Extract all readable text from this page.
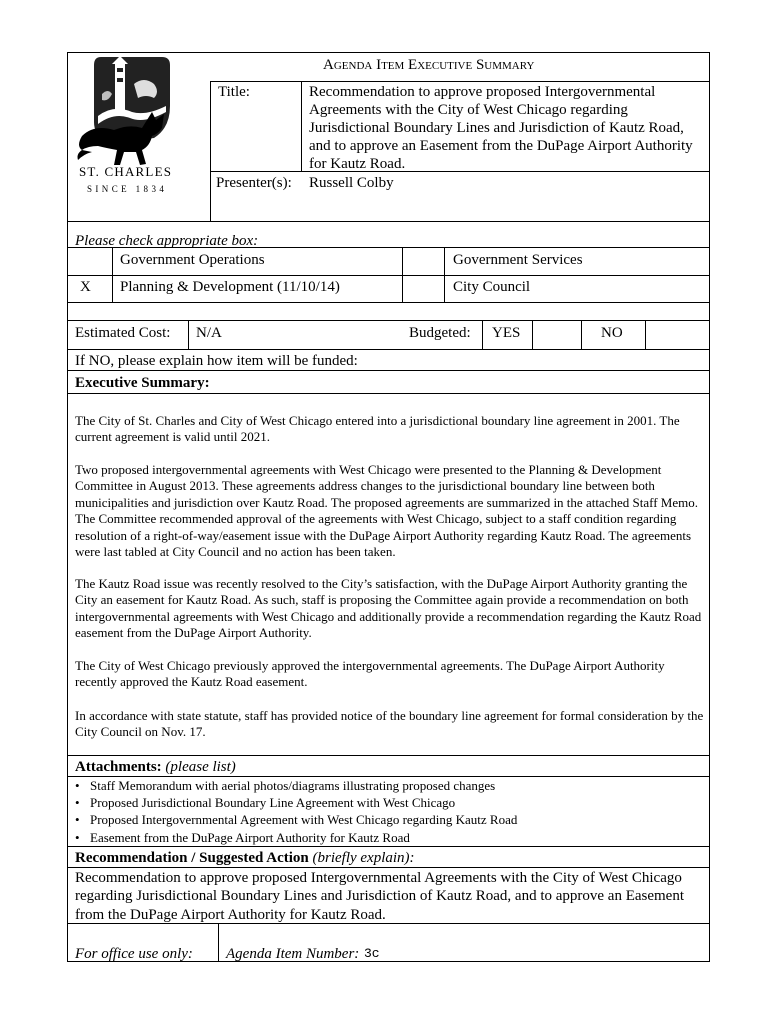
ST. CHARLES
SINCE 1834
Agenda Item Executive Summary
Title:	Recommendation to approve proposed Intergovernmental
Agreements with the City of West Chicago regarding
Jurisdictional Boundary Lines and Jurisdiction of Kautz Road,
and to approve an Easement from the DuPage Airport Authority
for Kautz Road.
Presenter(s): Russell Colby
Please check appropriate box:
Government Operations	Government Services
X Planning & Development (11/10/14)	City Council
Estimated Cost: N/A	Budgeted: YES	NO
If NO, please explain how item will be funded:
Executive Summary:
The City of St. Charles and City of West Chicago entered into a jurisdictional boundary line agreement in 2001. The current agreement is valid until 2021.
Two proposed intergovernmental agreements with West Chicago were presented to the Planning & Development Committee in August 2013. These agreements address changes to the jurisdictional boundary line between both municipalities and jurisdiction over Kautz Road. The proposed agreements are summarized in the attached Staff Memo. The Committee recommended approval of the agreements with West Chicago, subject to a staff condition regarding resolution of a right-of-way/easement issue with the DuPage Airport Authority regarding Kautz Road. The agreements were last tabled at City Council and no action has been taken.
The Kautz Road issue was recently resolved to the City’s satisfaction, with the DuPage Airport Authority granting the City an easement for Kautz Road. As such, staff is proposing the Committee again provide a recommendation on both intergovernmental agreements with West Chicago and additionally provide a recommendation regarding the Kautz Road easement from the DuPage Airport Authority.
The City of West Chicago previously approved the intergovernmental agreements. The DuPage Airport Authority recently approved the Kautz Road easement.
In accordance with state statute, staff has provided notice of the boundary line agreement for formal consideration by the City Council on Nov. 17.
Attachments: (please list)
• Staff Memorandum with aerial photos/diagrams illustrating proposed changes
• Proposed Jurisdictional Boundary Line Agreement with West Chicago
• Proposed Intergovernmental Agreement with West Chicago regarding Kautz Road
• Easement from the DuPage Airport Authority for Kautz Road
Recommendation / Suggested Action (briefly explain):
Recommendation to approve proposed Intergovernmental Agreements with the City of West Chicago regarding Jurisdictional Boundary Lines and Jurisdiction of Kautz Road, and to approve an Easement from the DuPage Airport Authority for Kautz Road.
For office use only: Agenda Item Number: 3c
